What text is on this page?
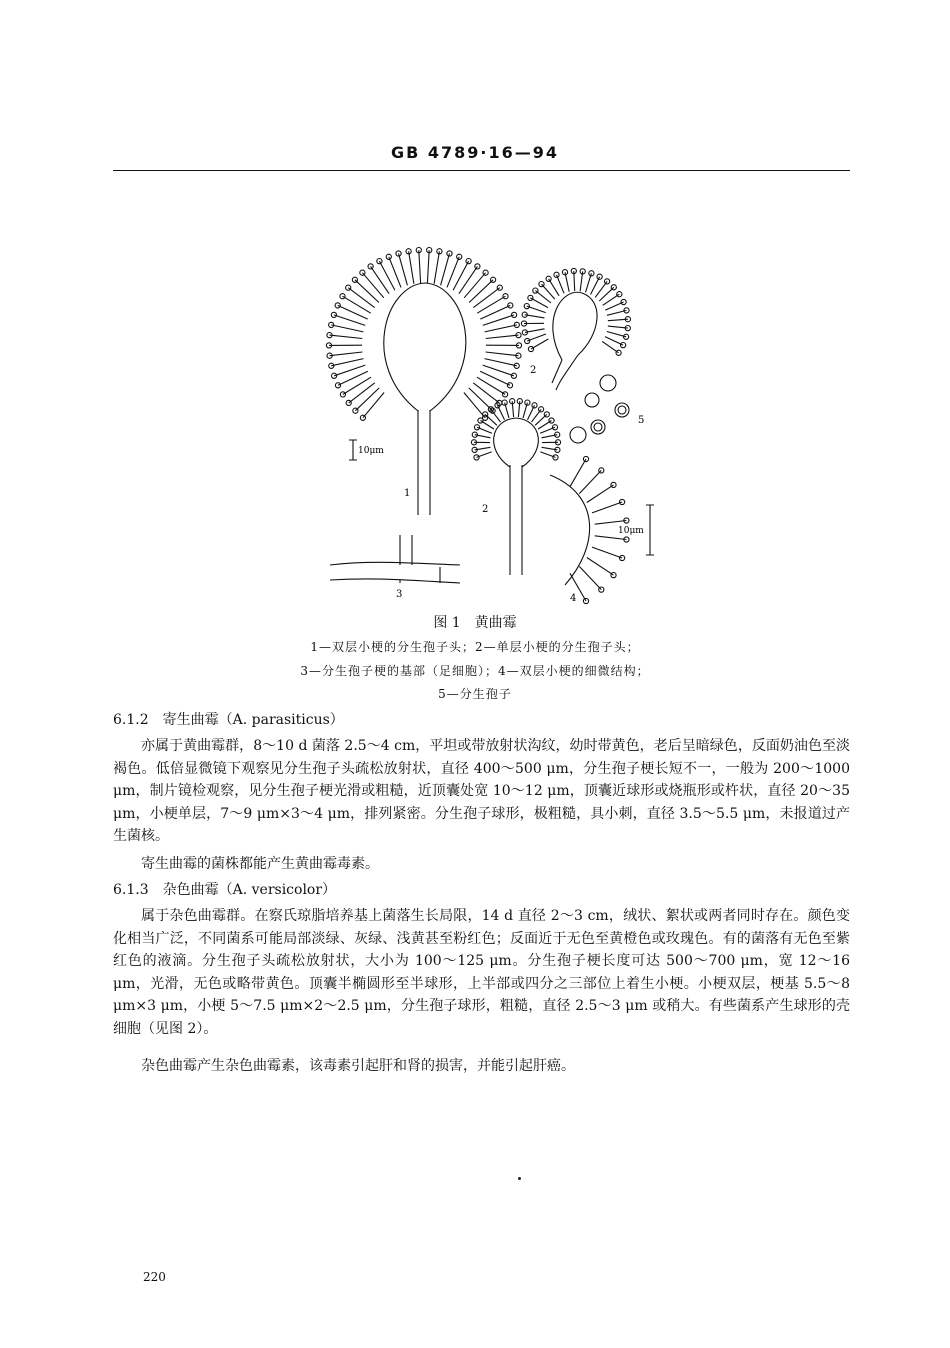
GB 4789·16—94
1
2
2
3	4
5
10μm
10μm
图 1　黄曲霉
1—双层小梗的分生孢子头；2—单层小梗的分生孢子头；
3—分生孢子梗的基部（足细胞）；4—双层小梗的细微结构；
5—分生孢子
6.1.2　寄生曲霉（A. parasiticus）

亦属于黄曲霉群，8～10 d 菌落 2.5～4 cm，平坦或带放射状沟纹，幼时带黄色，老后呈暗绿色，反面奶油色至淡褐色。低倍显微镜下观察见分生孢子头疏松放射状，直径 400～500 μm，分生孢子梗长短不一，一般为 200～1000 μm，制片镜检观察，见分生孢子梗光滑或粗糙，近顶囊处宽 10～12 μm，顶囊近球形或烧瓶形或杵状，直径 20～35 μm，小梗单层，7～9 μm×3～4 μm，排列紧密。分生孢子球形，极粗糙，具小刺，直径 3.5～5.5 μm，未报道过产生菌核。

寄生曲霉的菌株都能产生黄曲霉毒素。

6.1.3　杂色曲霉（A. versicolor）

属于杂色曲霉群。在察氏琼脂培养基上菌落生长局限，14 d 直径 2～3 cm，绒状、絮状或两者同时存在。颜色变化相当广泛，不同菌系可能局部淡绿、灰绿、浅黄甚至粉红色；反面近于无色至黄橙色或玫瑰色。有的菌落有无色至紫红色的液滴。分生孢子头疏松放射状，大小为 100～125 μm。分生孢子梗长度可达 500～700 μm，宽 12～16 μm，光滑，无色或略带黄色。顶囊半椭圆形至半球形，上半部或四分之三部位上着生小梗。小梗双层，梗基 5.5～8 μm×3 μm，小梗 5～7.5 μm×2～2.5 μm，分生孢子球形，粗糙，直径 2.5～3 μm 或稍大。有些菌系产生球形的壳细胞（见图 2）。

杂色曲霉产生杂色曲霉素，该毒素引起肝和肾的损害，并能引起肝癌。

220
